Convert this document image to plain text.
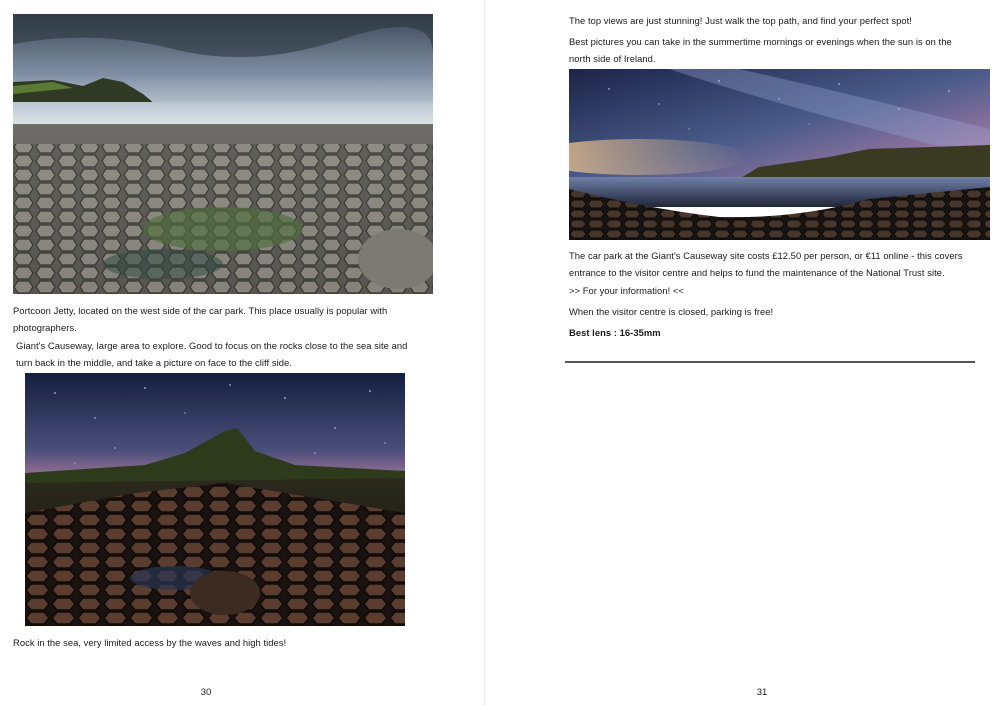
Portcoon Jetty, located on the west side of the car park. This place usually is popular with photographers.

Giant's Causeway, large area to explore. Good to focus on the rocks close to the sea site and turn back in the middle, and take a picture on face to the cliff side.

Rock in the sea, very limited access by the waves and high tides!

30

The top views are just stunning! Just walk the top path, and find your perfect spot!

Best pictures you can take in the summertime mornings or evenings when the sun is on the north side of Ireland.

The car park at the Giant's Causeway site costs £12.50 per person, or €11 online - this covers entrance to the visitor centre and helps to fund the maintenance of the National Trust site.

>> For your information! <<

When the visitor centre is closed, parking is free!

Best lens : 16-35mm

31
